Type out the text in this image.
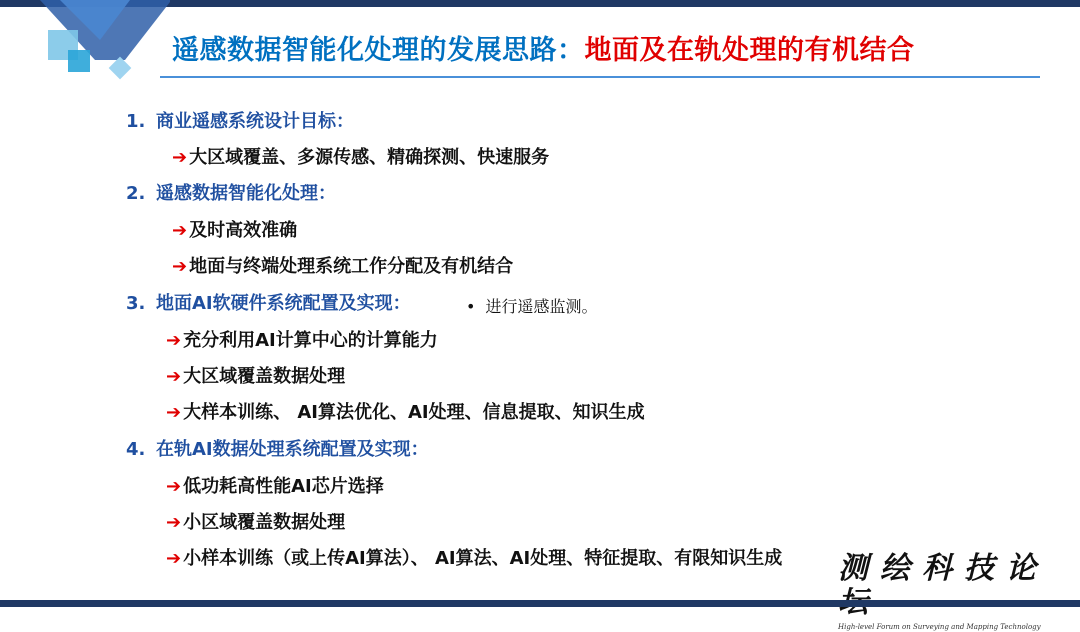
遥感数据智能化处理的发展思路：地面及在轨处理的有机结合
1. 商业遥感系统设计目标：
➔ 大区域覆盖、多源传感、精确探测、快速服务
2. 遥感数据智能化处理：
➔ 及时高效准确
➔ 地面与终端处理系统工作分配及有机结合
3. 地面AI软硬件系统配置及实现：	• 进行遥感监测。
➔ 充分利用AI计算中心的计算能力
➔ 大区域覆盖数据处理
➔ 大样本训练、 AI算法优化、AI处理、信息提取、知识生成
4. 在轨AI数据处理系统配置及实现：
➔ 低功耗高性能AI芯片选择
➔ 小区域覆盖数据处理
➔ 小样本训练（或上传AI算法）、 AI算法、AI处理、特征提取、有限知识生成 测绘科技论
High-level Forum on Surveying and Mapping Technology
